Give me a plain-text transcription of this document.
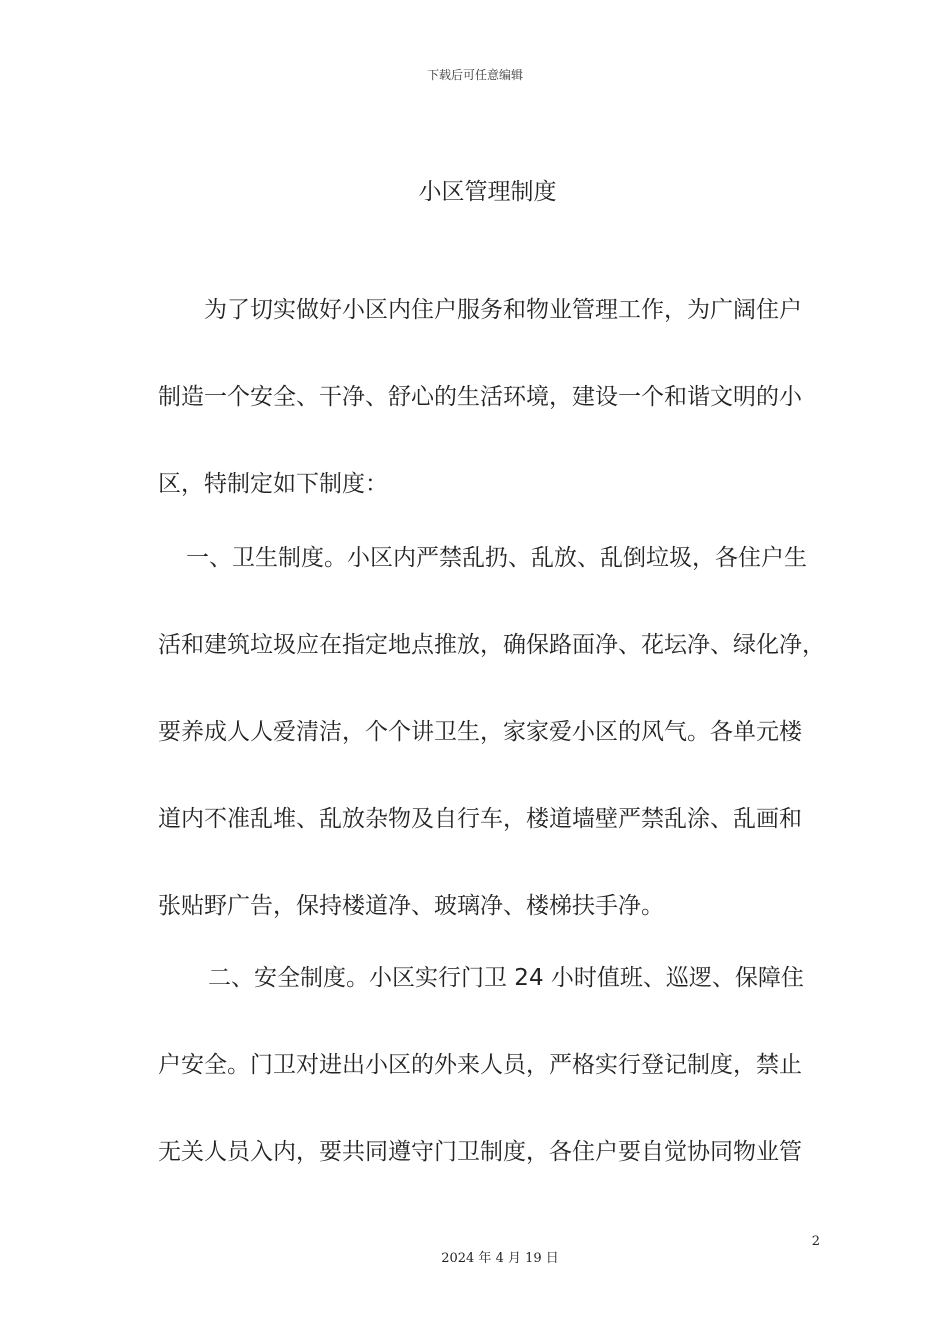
下载后可任意编辑
小区管理制度
为了切实做好小区内住户服务和物业管理工作，为广阔住户
制造一个安全、干净、舒心的生活环境，建设一个和谐文明的小
区，特制定如下制度：
一、卫生制度。小区内严禁乱扔、乱放、乱倒垃圾，各住户生
活和建筑垃圾应在指定地点推放，确保路面净、花坛净、绿化净，
要养成人人爱清洁，个个讲卫生，家家爱小区的风气。各单元楼
道内不准乱堆、乱放杂物及自行车，楼道墙壁严禁乱涂、乱画和
张贴野广告，保持楼道净、玻璃净、楼梯扶手净。
二、安全制度。小区实行门卫 24 小时值班、巡逻、保障住
户安全。门卫对进出小区的外来人员，严格实行登记制度，禁止
无关人员入内，要共同遵守门卫制度，各住户要自觉协同物业管
2
2024 年 4 月 19 日
